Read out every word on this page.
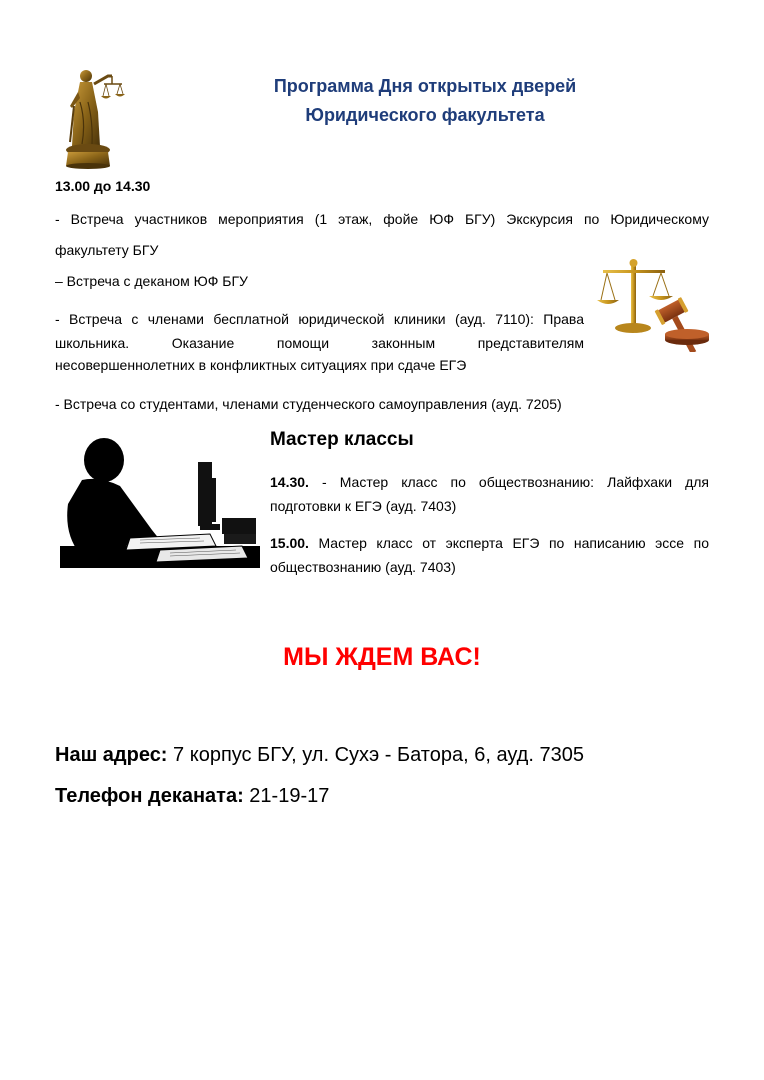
Программа Дня открытых дверей
Юридического факультета
13.00 до 14.30
- Встреча участников мероприятия (1 этаж, фойе ЮФ БГУ) Экскурсия по Юридическому
факультету БГУ
– Встреча с деканом ЮФ БГУ
- Встреча с членами бесплатной юридической клиники (ауд. 7110): Права
школьника. Оказание помощи законным представителям
несовершеннолетних в конфликтных ситуациях при сдаче ЕГЭ
- Встреча со студентами, членами студенческого самоуправления (ауд. 7205)
Мастер классы
14.30. - Мастер класс по обществознанию: Лайфхаки для
подготовки к ЕГЭ (ауд. 7403)
15.00. Мастер класс от эксперта ЕГЭ по написанию эссе по
обществознанию (ауд. 7403)
МЫ ЖДЕМ ВАС!
Наш адрес: 7 корпус БГУ, ул. Сухэ - Батора, 6, ауд. 7305
Телефон деканата: 21-19-17
